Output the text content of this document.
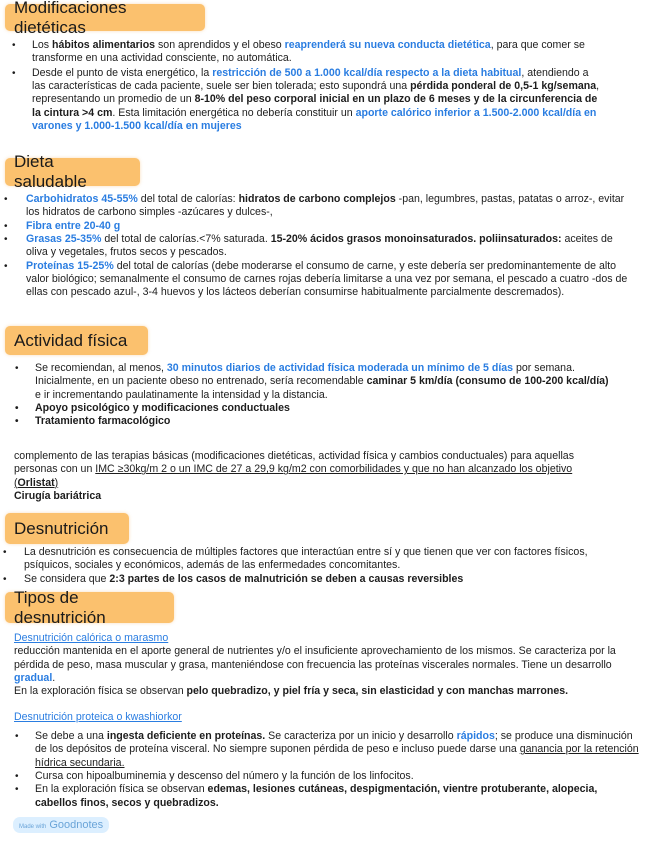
Modificaciones dietéticas
• Los hábitos alimentarios son aprendidos y el obeso reaprenderá su nueva conducta dietética, para que comer se transforme en una actividad consciente, no automática.
• Desde el punto de vista energético, la restricción de 500 a 1.000 kcal/día respecto a la dieta habitual, atendiendo a las características de cada paciente, suele ser bien tolerada; esto supondrá una pérdida ponderal de 0,5-1 kg/semana, representando un promedio de un 8-10% del peso corporal inicial en un plazo de 6 meses y de la circunferencia de la cintura >4 cm. Esta limitación energética no debería constituir un aporte calórico inferior a 1.500-2.000 kcal/día en varones y 1.000-1.500 kcal/día en mujeres
Dieta saludable
• Carbohidratos 45-55% del total de calorías: hidratos de carbono complejos -pan, legumbres, pastas, patatas o arroz-, evitar los hidratos de carbono simples -azúcares y dulces-,
• Fibra entre 20-40 g
• Grasas 25-35% del total de calorías.<7% saturada. 15-20% ácidos grasos monoinsaturados. poliinsaturados: aceites de oliva y vegetales, frutos secos y pescados.
• Proteínas 15-25% del total de calorías (debe moderarse el consumo de carne, y este debería ser predominantemente de alto valor biológico; semanalmente el consumo de carnes rojas debería limitarse a una vez por semana, el pescado a cuatro -dos de ellas con pescado azul-, 3-4 huevos y los lácteos deberían consumirse habitualmente parcialmente descremados).
Actividad física
• Se recomiendan, al menos, 30 minutos diarios de actividad física moderada un mínimo de 5 días por semana. Inicialmente, en un paciente obeso no entrenado, sería recomendable caminar 5 km/día (consumo de 100-200 kcal/día) e ir incrementando paulatinamente la intensidad y la distancia.
• Apoyo psicológico y modificaciones conductuales
• Tratamiento farmacológico

complemento de las terapias básicas (modificaciones dietéticas, actividad física y cambios conductuales) para aquellas personas con un IMC ≥30kg/m 2 o un IMC de 27 a 29,9 kg/m2 con comorbilidades y que no han alcanzado los objetivo (Orlistat)

Cirugía bariátrica

Desnutrición
• La desnutrición es consecuencia de múltiples factores que interactúan entre sí y que tienen que ver con factores físicos, psíquicos, sociales y económicos, además de las enfermedades concomitantes.
• Se considera que 2:3 partes de los casos de malnutrición se deben a causas reversibles
Tipos de desnutrición

Desnutrición calórica o marasmo

reducción mantenida en el aporte general de nutrientes y/o el insuficiente aprovechamiento de los mismos. Se caracteriza por la pérdida de peso, masa muscular y grasa, manteniéndose con frecuencia las proteínas viscerales normales. Tiene un desarrollo gradual.

En la exploración física se observan pelo quebradizo, y piel fría y seca, sin elasticidad y con manchas marrones.

Desnutrición proteica o kwashiorkor

• Se debe a una ingesta deficiente en proteínas. Se caracteriza por un inicio y desarrollo rápidos; se produce una disminución de los depósitos de proteína visceral. No siempre suponen pérdida de peso e incluso puede darse una ganancia por la retención hídrica secundaria.
• Cursa con hipoalbuminemia y descenso del número y la función de los linfocitos.
• En la exploración física se observan edemas, lesiones cutáneas, despigmentación, vientre protuberante, alopecia, cabellos finos, secos y quebradizos.
Made with Goodnotes
